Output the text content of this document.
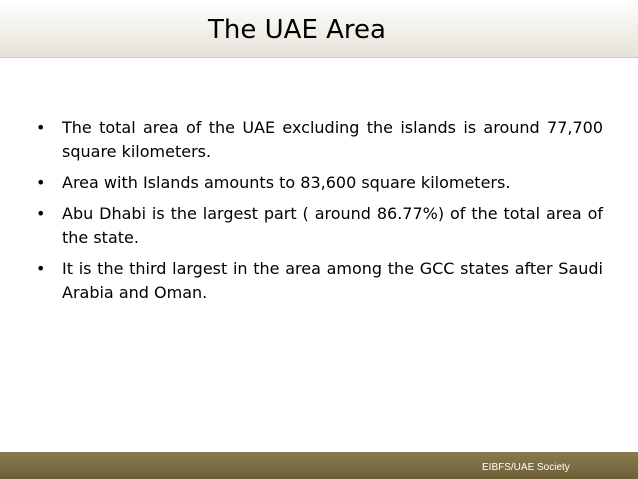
The UAE Area
• The total area of the UAE excluding the islands is around 77,700 square kilometers.
• Area with Islands amounts to 83,600 square kilometers.
• Abu Dhabi is the largest part ( around 86.77%) of the total area of the state.
• It is the third largest in the area among the GCC states after Saudi Arabia and Oman.
EIBFS/UAE Society
